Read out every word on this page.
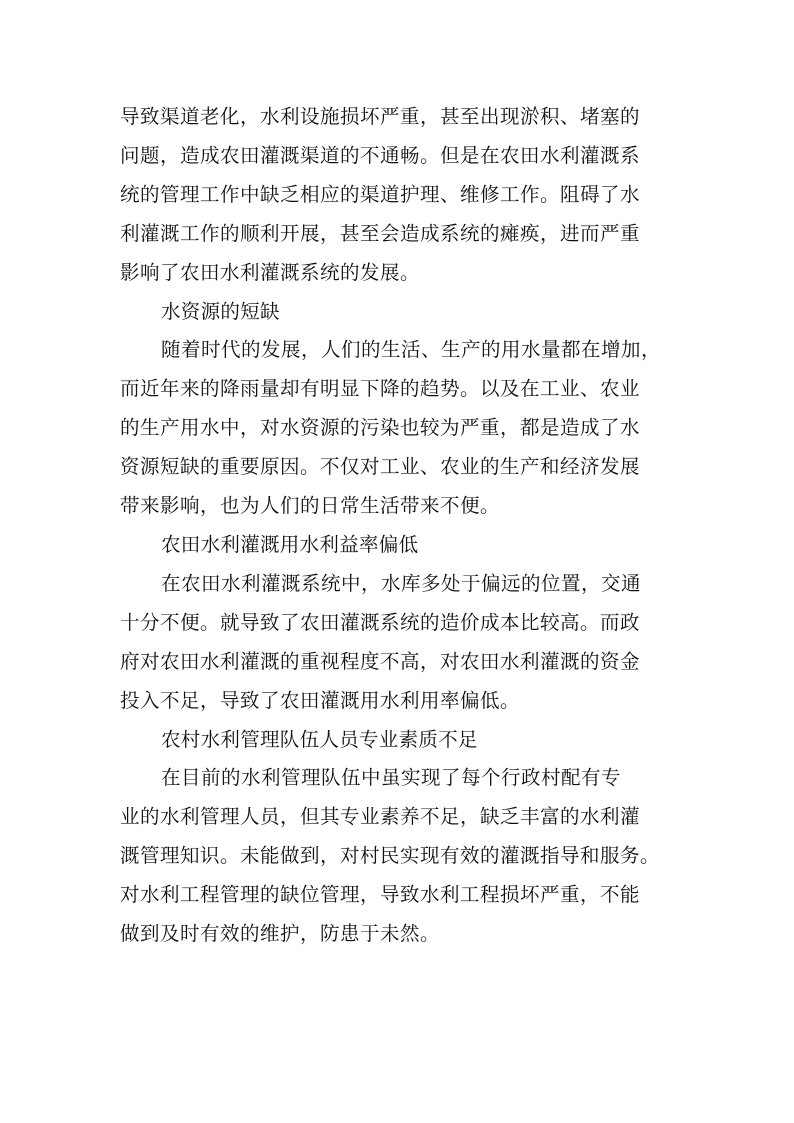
导致渠道老化，水利设施损坏严重，甚至出现淤积、堵塞的
问题，造成农田灌溉渠道的不通畅。但是在农田水利灌溉系
统的管理工作中缺乏相应的渠道护理、维修工作。阻碍了水
利灌溉工作的顺利开展，甚至会造成系统的瘫痪，进而严重
影响了农田水利灌溉系统的发展。
水资源的短缺
随着时代的发展，人们的生活、生产的用水量都在增加，
而近年来的降雨量却有明显下降的趋势。以及在工业、农业
的生产用水中，对水资源的污染也较为严重，都是造成了水
资源短缺的重要原因。不仅对工业、农业的生产和经济发展
带来影响，也为人们的日常生活带来不便。
农田水利灌溉用水利益率偏低
在农田水利灌溉系统中，水库多处于偏远的位置，交通
十分不便。就导致了农田灌溉系统的造价成本比较高。而政
府对农田水利灌溉的重视程度不高，对农田水利灌溉的资金
投入不足，导致了农田灌溉用水利用率偏低。
农村水利管理队伍人员专业素质不足
在目前的水利管理队伍中虽实现了每个行政村配有专
业的水利管理人员，但其专业素养不足，缺乏丰富的水利灌
溉管理知识。未能做到，对村民实现有效的灌溉指导和服务。
对水利工程管理的缺位管理，导致水利工程损坏严重，不能
做到及时有效的维护，防患于未然。
